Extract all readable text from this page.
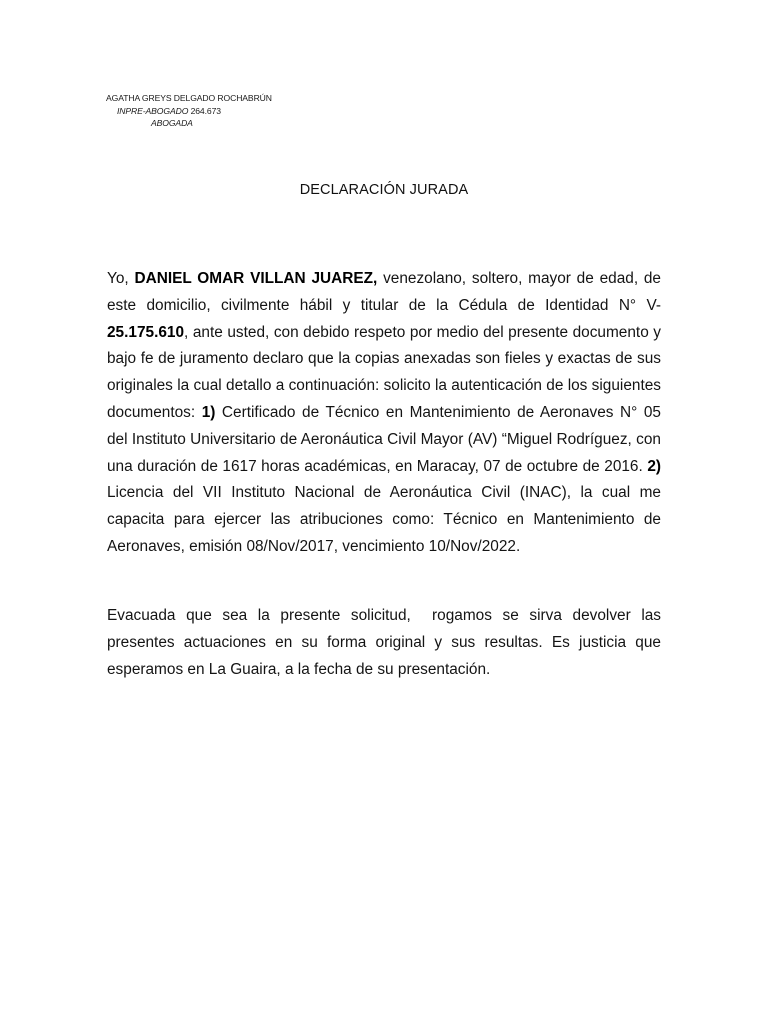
AGATHA GREYS DELGADO ROCHABRÚN
INPRE-ABOGADO 264.673
ABOGADA
DECLARACIÓN JURADA

Yo, DANIEL OMAR VILLAN JUAREZ, venezolano, soltero, mayor de edad, de este domicilio, civilmente hábil y titular de la Cédula de Identidad N° V- 25.175.610, ante usted, con debido respeto por medio del presente documento y bajo fe de juramento declaro que la copias anexadas son fieles y exactas de sus originales la cual detallo a continuación: solicito la autenticación de los siguientes documentos: 1) Certificado de Técnico en Mantenimiento de Aeronaves N° 05 del Instituto Universitario de Aeronáutica Civil Mayor (AV) “Miguel Rodríguez, con una duración de 1617 horas académicas, en Maracay, 07 de octubre de 2016. 2) Licencia del VII Instituto Nacional de Aeronáutica Civil (INAC), la cual me capacita para ejercer las atribuciones como: Técnico en Mantenimiento de Aeronaves, emisión 08/Nov/2017, vencimiento 10/Nov/2022.

Evacuada que sea la presente solicitud,  rogamos se sirva devolver las presentes actuaciones en su forma original y sus resultas. Es justicia que esperamos en La Guaira, a la fecha de su presentación.
